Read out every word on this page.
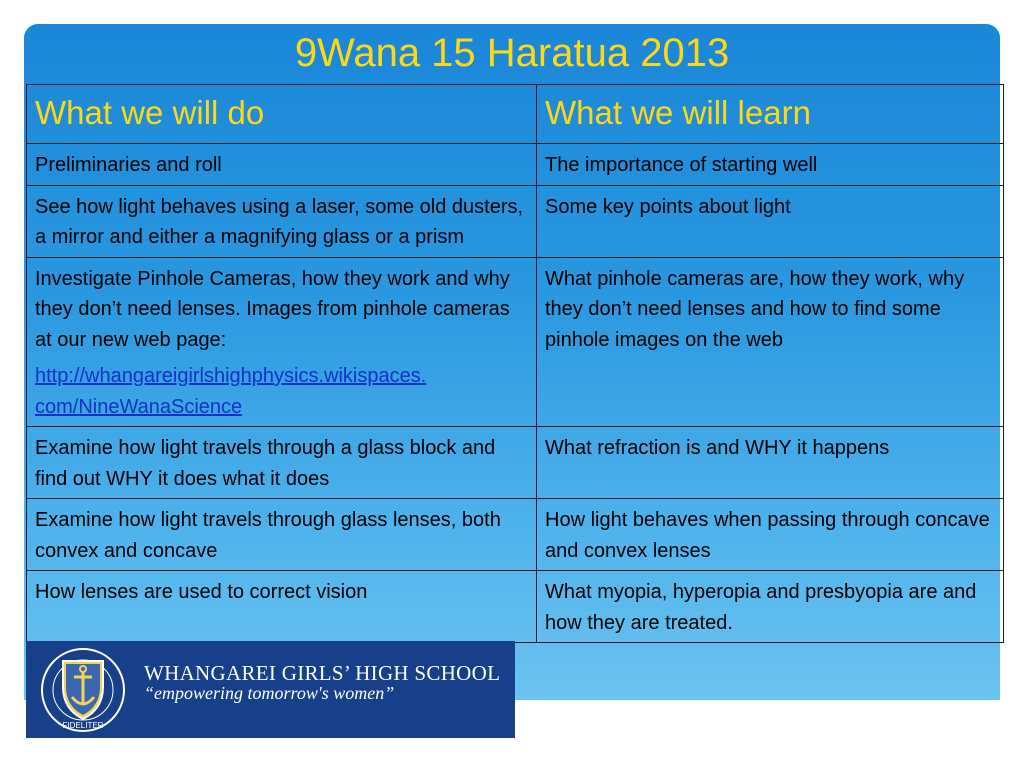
9Wana 15 Haratua 2013
What we will do	What we will learn
Preliminaries and roll	The importance of starting well
See how light behaves using a laser, some old dusters, a mirror and either a magnifying glass or a prism	Some key points about light
Investigate Pinhole Cameras, how they work and why they don’t need lenses. Images from pinhole cameras at our new web page:
http://whangareigirlshighphysics.wikispaces.
com/NineWanaScience	What pinhole cameras are, how they work, why they don’t need lenses and how to find some pinhole images on the web
Examine how light travels through a glass block and find out WHY it does what it does	What refraction is and WHY it happens
Examine how light travels through glass lenses, both convex and concave	How light behaves when passing through concave and convex lenses
How lenses are used to correct vision	What myopia, hyperopia and presbyopia are and how they are treated.
FIDELITER
WHANGAREI GIRLS’ HIGH SCHOOL
“empowering tomorrow's women”
